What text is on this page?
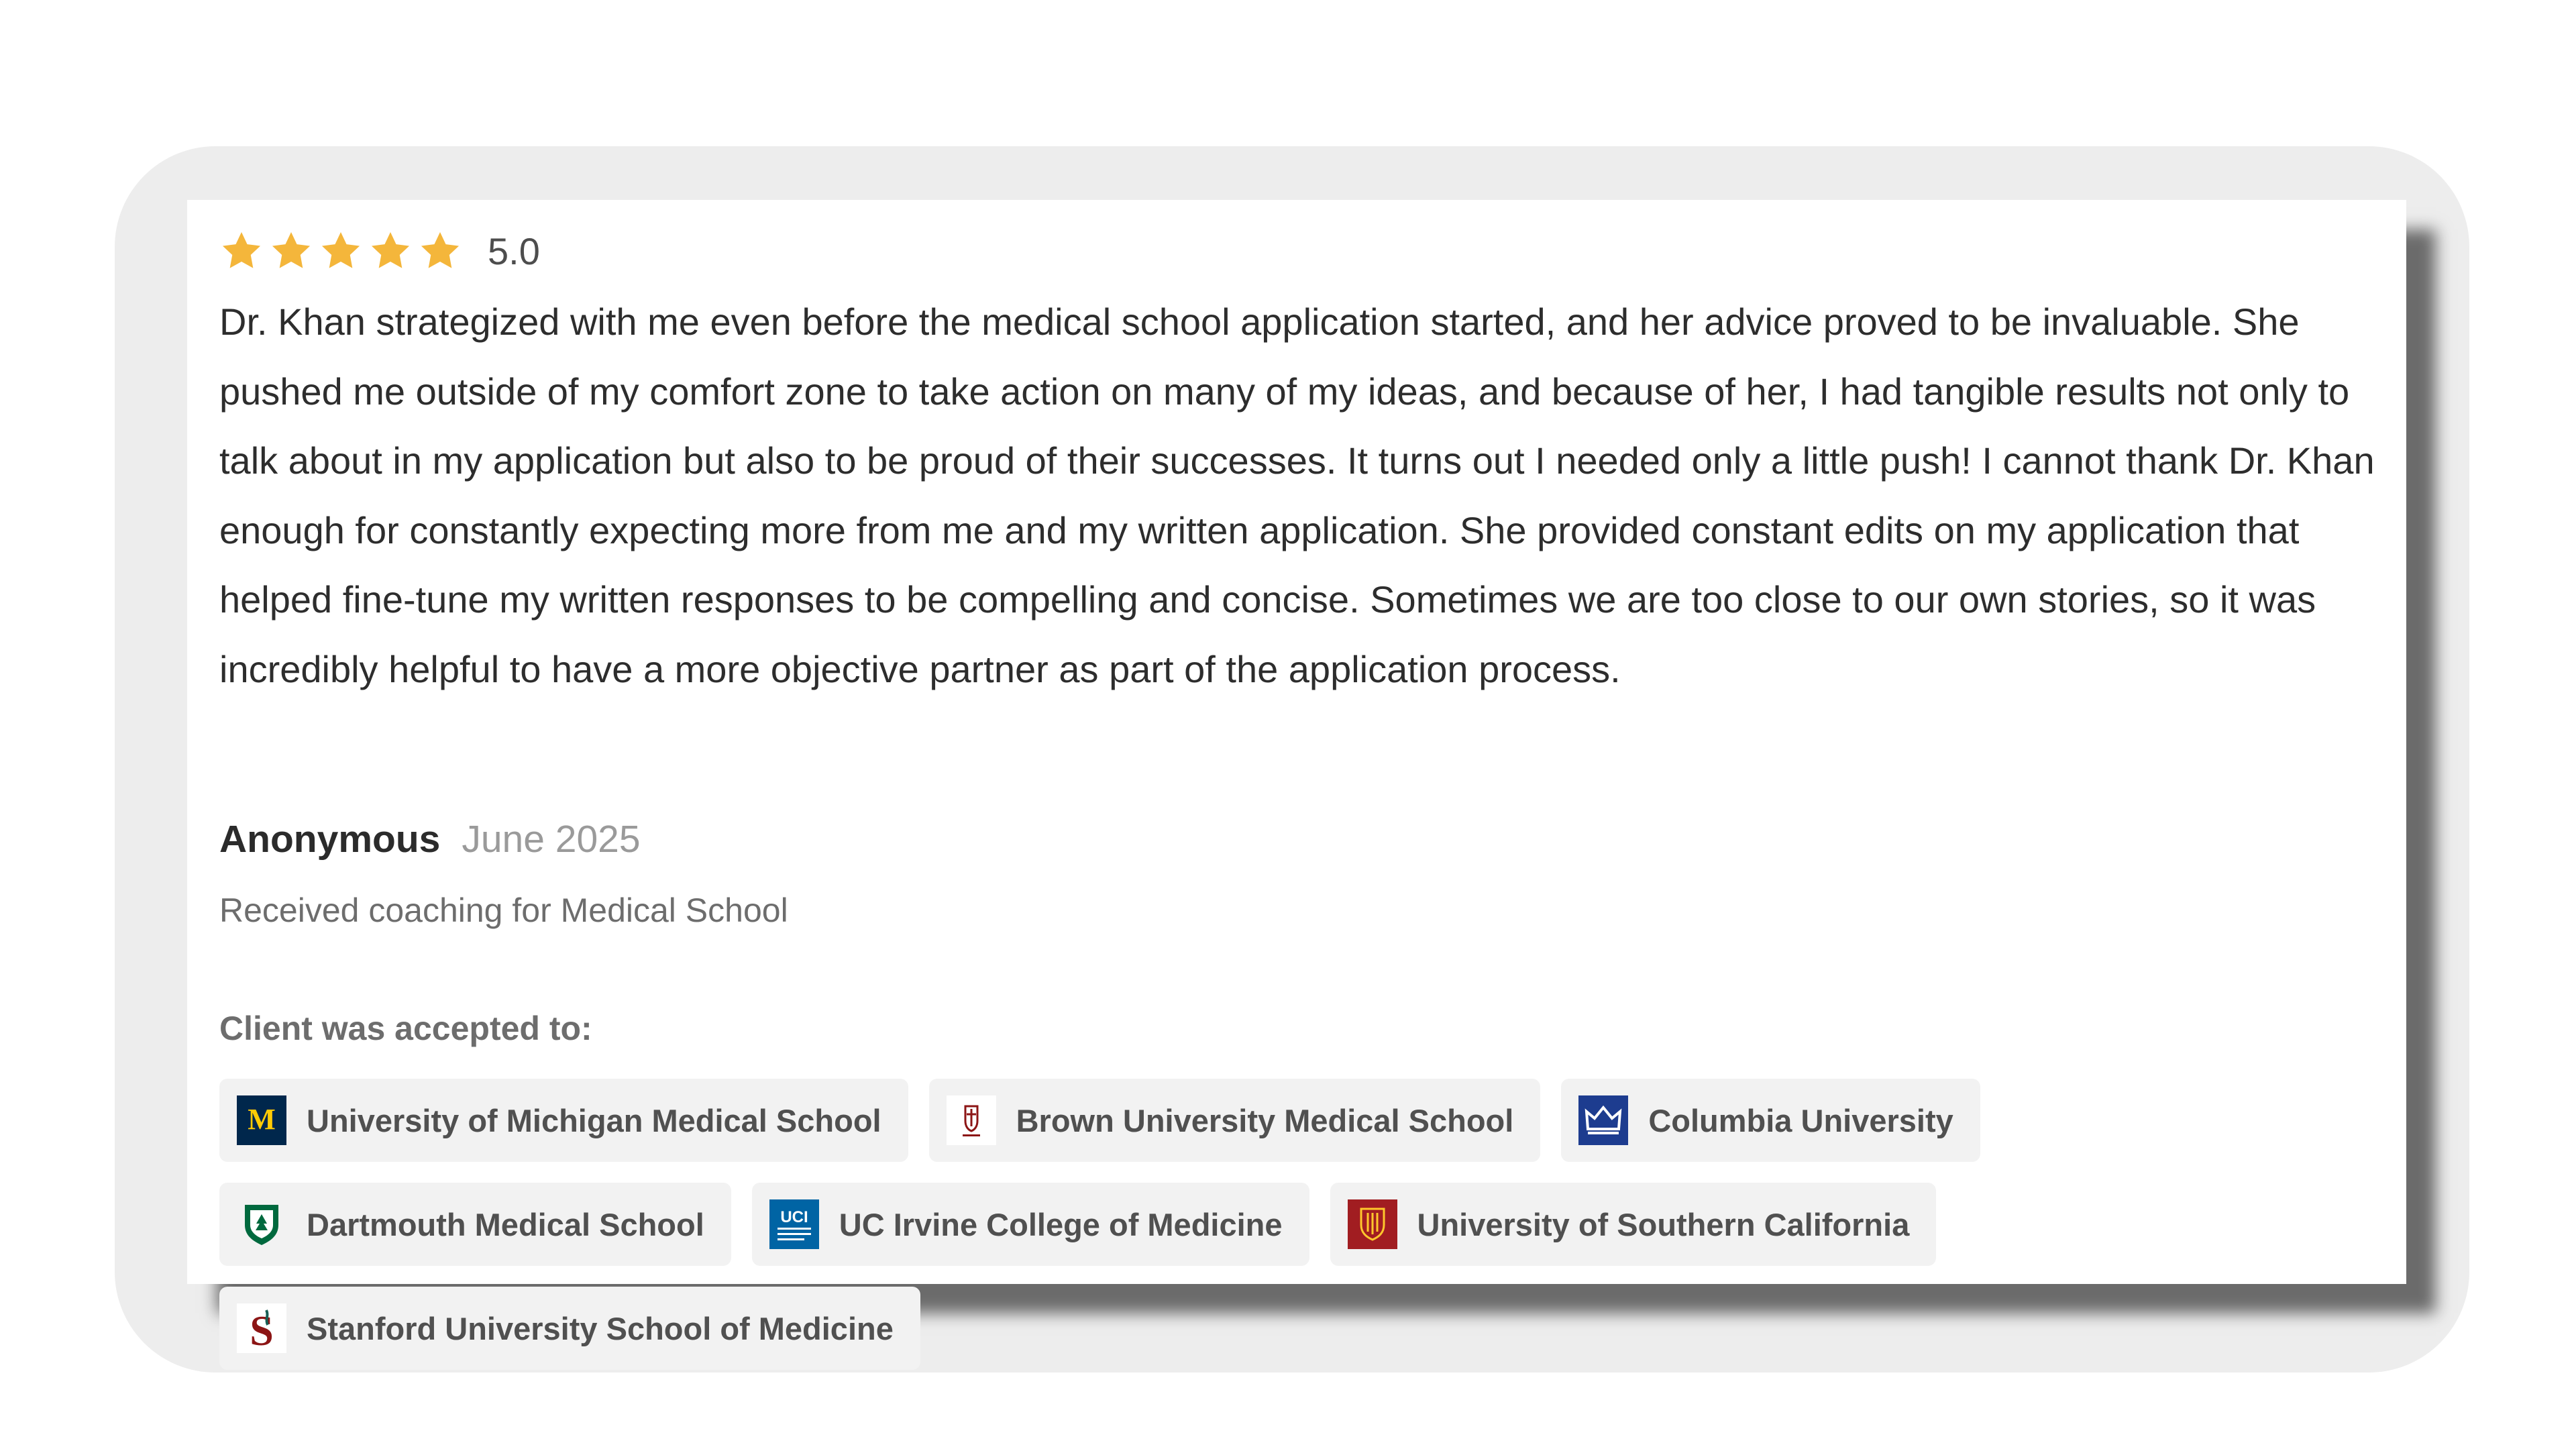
5.0

Dr. Khan strategized with me even before the medical school application started, and her advice proved to be invaluable. She pushed me outside of my comfort zone to take action on many of my ideas, and because of her, I had tangible results not only to talk about in my application but also to be proud of their successes. It turns out I needed only a little push! I cannot thank Dr. Khan enough for constantly expecting more from me and my written application. She provided constant edits on my application that helped fine-tune my written responses to be compelling and concise. Sometimes we are too close to our own stories, so it was incredibly helpful to have a more objective partner as part of the application process.

Anonymous June 2025
Received coaching for Medical School
Client was accepted to:
M University of Michigan Medical School	Brown University Medical School	Columbia University
Dartmouth Medical School	UCI UC Irvine College of Medicine	University of Southern California
S Stanford University School of Medicine
